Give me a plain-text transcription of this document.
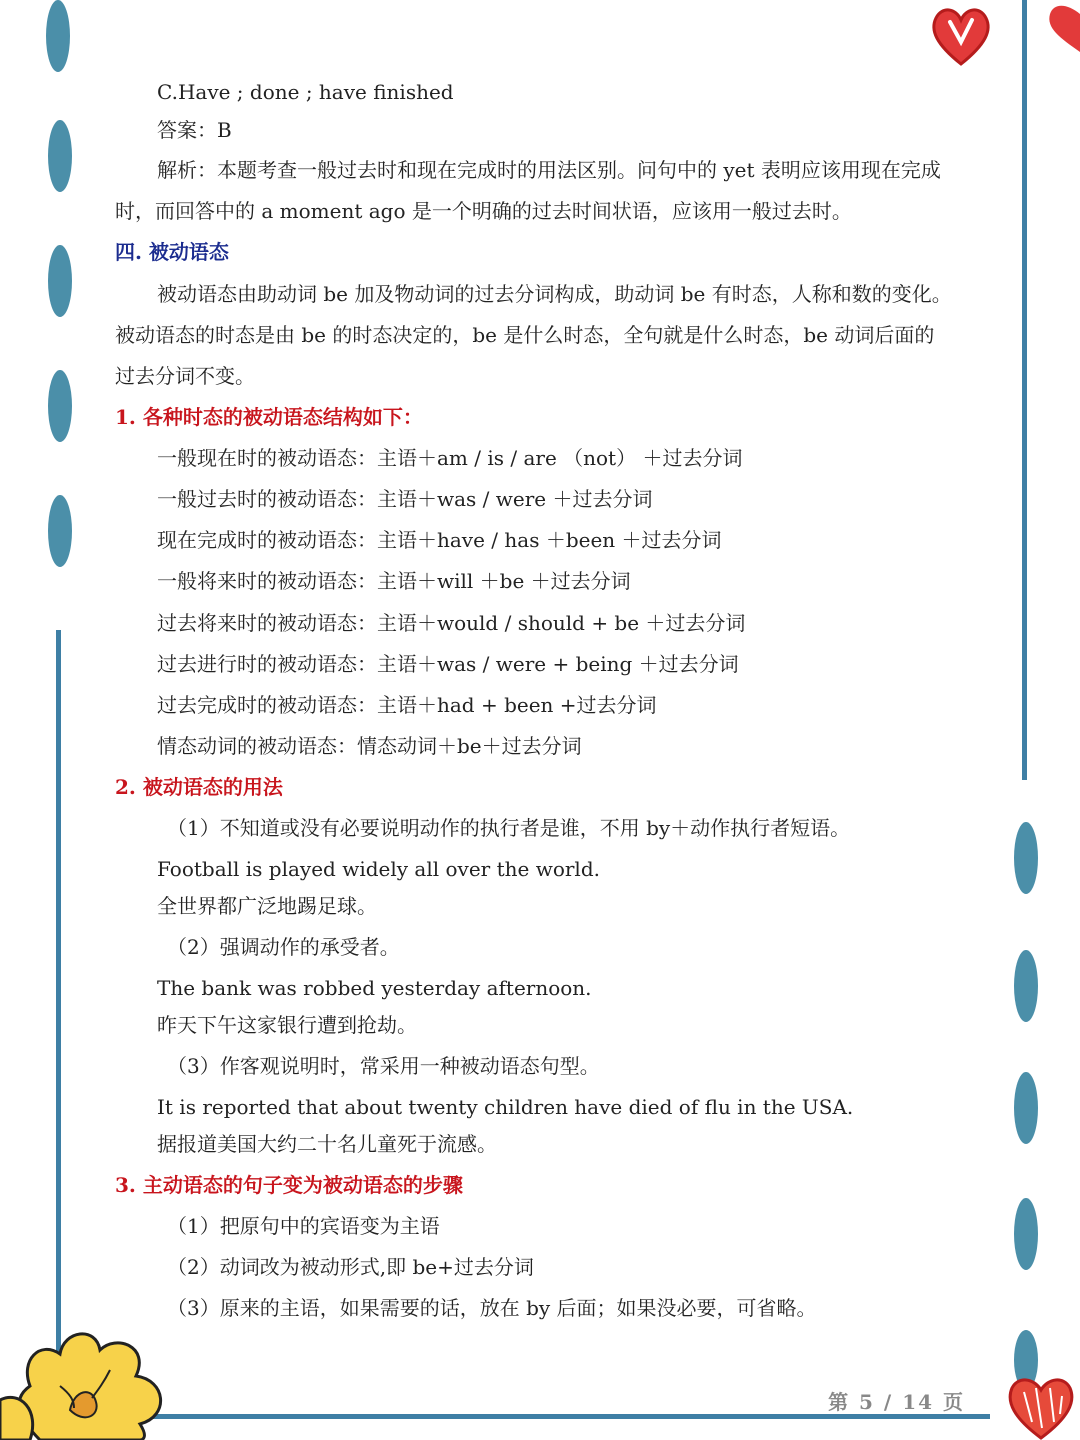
C.Have ; done ; have finished
答案：B
解析：本题考查一般过去时和现在完成时的用法区别。问句中的 yet 表明应该用现在完成
时，而回答中的 a moment ago 是一个明确的过去时间状语，应该用一般过去时。
四. 被动语态
被动语态由助动词 be 加及物动词的过去分词构成，助动词 be 有时态，人称和数的变化。
被动语态的时态是由 be 的时态决定的，be 是什么时态，全句就是什么时态，be 动词后面的
过去分词不变。
1. 各种时态的被动语态结构如下：
一般现在时的被动语态：主语＋am / is / are （not） ＋过去分词
一般过去时的被动语态：主语＋was / were ＋过去分词
现在完成时的被动语态：主语＋have / has ＋been ＋过去分词
一般将来时的被动语态：主语＋will ＋be ＋过去分词
过去将来时的被动语态：主语＋would / should + be ＋过去分词
过去进行时的被动语态：主语＋was / were + being ＋过去分词
过去完成时的被动语态：主语＋had + been +过去分词
情态动词的被动语态：情态动词＋be＋过去分词
2. 被动语态的用法
（1）不知道或没有必要说明动作的执行者是谁，不用 by＋动作执行者短语。
Football is played widely all over the world.
全世界都广泛地踢足球。
（2）强调动作的承受者。
The bank was robbed yesterday afternoon.
昨天下午这家银行遭到抢劫。
（3）作客观说明时，常采用一种被动语态句型。
It is reported that about twenty children have died of flu in the USA.
据报道美国大约二十名儿童死于流感。
3. 主动语态的句子变为被动语态的步骤
（1）把原句中的宾语变为主语
（2）动词改为被动形式,即 be+过去分词
（3）原来的主语，如果需要的话，放在 by 后面；如果没必要，可省略。
第 5 / 14 页
